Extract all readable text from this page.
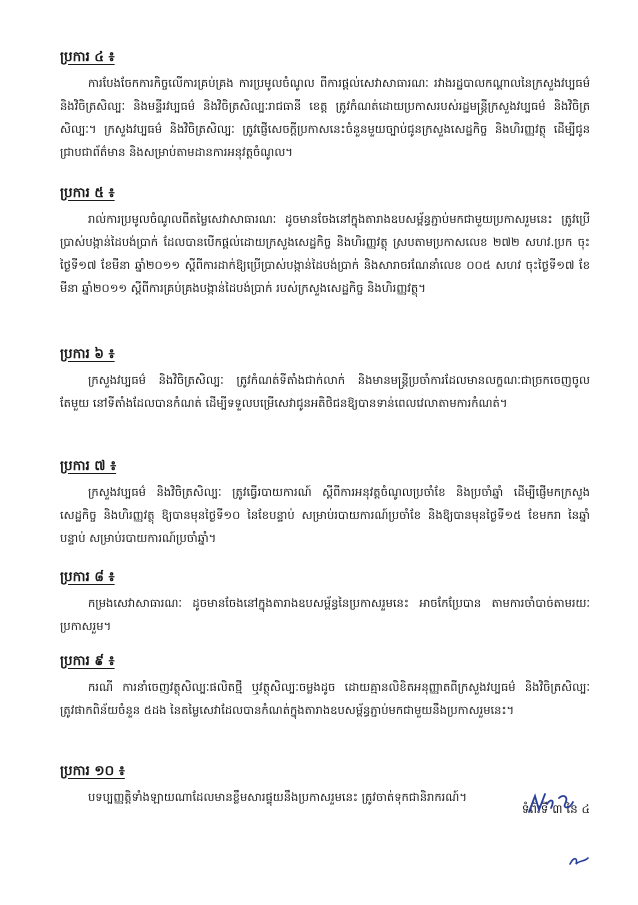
ប្រការ ៤ ៖
ការបែងចែកការកិច្ចលើការគ្រប់គ្រង ការប្រមូលចំណូល ពីការផ្តល់សេវាសាធារណៈ រវាងរដ្ឋបាលកណ្តាលនៃក្រសួងវប្បធម៌ និងវិចិត្រសិល្បៈ និងមន្ទីរវប្បធម៌ និងវិចិត្រសិល្បៈរាជធានី ខេត្ត ត្រូវកំណត់ដោយប្រកាសរបស់រដ្ឋមន្ត្រីក្រសួងវប្បធម៌ និងវិចិត្រសិល្បៈ។ ក្រសួងវប្បធម៌ និងវិចិត្រសិល្បៈ ត្រូវផ្ញើសេចក្តីប្រកាសនេះចំនួនមួយច្បាប់ជូនក្រសួងសេដ្ឋកិច្ច និងហិរញ្ញវត្ថុ ដើម្បីជូនជ្រាបជាព័ត៌មាន និងសម្រាប់តាមដានការអនុវត្តចំណូល។
ប្រការ ៥ ៖
រាល់ការប្រមូលចំណូលពីតម្លៃសេវាសាធារណៈ ដូចមានចែងនៅក្នុងតារាងឧបសម្ព័ន្ធភ្ជាប់មកជាមួយប្រកាសរួមនេះ ត្រូវប្រើប្រាស់បង្កាន់ដៃបង់ប្រាក់ ដែលបានបើកផ្តល់ដោយក្រសួងសេដ្ឋកិច្ច និងហិរញ្ញវត្ថុ ស្របតាមប្រកាសលេខ ២៧២ សហវ.ប្រក ចុះថ្ងៃទី១៧ ខែមីនា ឆ្នាំ២០១១ ស្តីពីការដាក់ឱ្យប្រើប្រាស់បង្កាន់ដៃបង់ប្រាក់ និងសារាចរណែនាំលេខ ០០៥ សហវ ចុះថ្ងៃទី១៧ ខែមីនា ឆ្នាំ២០១១ ស្តីពីការគ្រប់គ្រងបង្កាន់ដៃបង់ប្រាក់ របស់ក្រសួងសេដ្ឋកិច្ច និងហិរញ្ញវត្ថុ។
ប្រការ ៦ ៖
ក្រសួងវប្បធម៌ និងវិចិត្រសិល្បៈ ត្រូវកំណត់ទីតាំងជាក់លាក់ និងមានមន្ត្រីប្រចាំការដែលមានលក្ខណៈជាច្រកចេញចូលតែមួយ នៅទីតាំងដែលបានកំណត់ ដើម្បីទទួលបម្រើសេវាជូនអតិថិជនឱ្យបានទាន់ពេលវេលាតាមការកំណត់។
ប្រការ ៧ ៖
ក្រសួងវប្បធម៌ និងវិចិត្រសិល្បៈ ត្រូវធ្វើរបាយការណ៍ ស្តីពីការអនុវត្តចំណូលប្រចាំខែ និងប្រចាំឆ្នាំ ដើម្បីផ្ញើមកក្រសួងសេដ្ឋកិច្ច និងហិរញ្ញវត្ថុ ឱ្យបានមុនថ្ងៃទី១០ នៃខែបន្ទាប់ សម្រាប់របាយការណ៍ប្រចាំខែ និងឱ្យបានមុនថ្ងៃទី១៥ ខែមករា នៃឆ្នាំបន្ទាប់ សម្រាប់របាយការណ៍ប្រចាំឆ្នាំ។
ប្រការ ៨ ៖
កម្រងសេវាសាធារណៈ ដូចមានចែងនៅក្នុងតារាងឧបសម្ព័ន្ធនៃប្រកាសរួមនេះ អាចកែប្រែបាន តាមការចាំបាច់តាមរយៈប្រកាសរួម។
ប្រការ ៩ ៖
ករណី ការនាំចេញវត្ថុសិល្បៈផលិតថ្មី ឬវត្ថុសិល្បៈចម្លងដូច ដោយគ្មានលិខិតអនុញ្ញាតពីក្រសួងវប្បធម៌ និងវិចិត្រសិល្បៈ ត្រូវផាកពិន័យចំនួន ៥ដង នៃតម្លៃសេវាដែលបានកំណត់ក្នុងតារាងឧបសម្ព័ន្ធភ្ជាប់មកជាមួយនឹងប្រកាសរួមនេះ។
ប្រការ ១០ ៖
បទប្បញ្ញត្តិទាំងឡាយណាដែលមានខ្លឹមសារផ្ទុយនឹងប្រកាសរួមនេះ ត្រូវចាត់ទុកជានិរាករណ៍។
ទំព័រទី ៣ នៃ ៤
